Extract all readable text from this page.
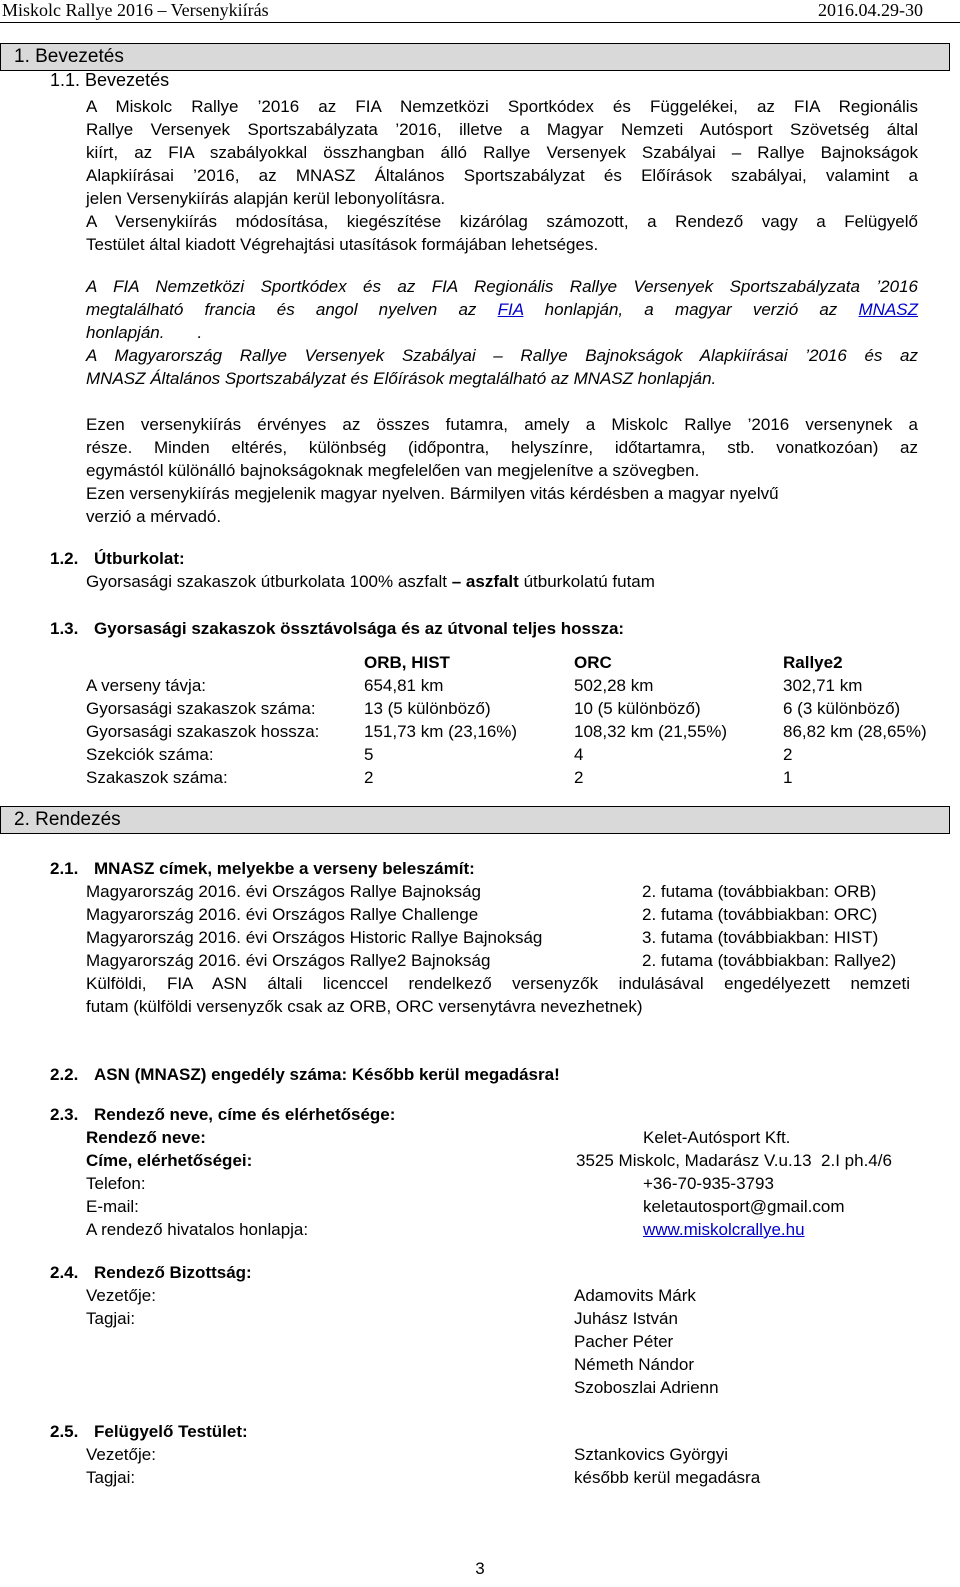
Miskolc Rallye 2016 – Versenykiírás	2016.04.29-30
1. Bevezetés
1.1. Bevezetés
A Miskolc Rallye ’2016 az FIA Nemzetközi Sportkódex és Függelékei, az FIA Regionális
Rallye Versenyek Sportszabályzata ’2016, illetve a Magyar Nemzeti Autósport Szövetség által
kiírt, az FIA szabályokkal összhangban álló Rallye Versenyek Szabályai – Rallye Bajnokságok
Alapkiírásai ’2016, az MNASZ Általános Sportszabályzat és Előírások szabályai, valamint a
jelen Versenykiírás alapján kerül lebonyolításra.
A Versenykiírás módosítása, kiegészítése kizárólag számozott, a Rendező vagy a Felügyelő
Testület által kiadott Végrehajtási utasítások formájában lehetséges.
A FIA Nemzetközi Sportkódex és az FIA Regionális Rallye Versenyek Sportszabályzata ’2016
megtalálható francia és angol nyelven az FIA honlapján, a magyar verzió az MNASZ
honlapján.       .
A Magyarország Rallye Versenyek Szabályai – Rallye Bajnokságok Alapkiírásai ’2016 és az
MNASZ Általános Sportszabályzat és Előírások megtalálható az MNASZ honlapján.
Ezen versenykiírás érvényes az összes futamra, amely a Miskolc Rallye ’2016 versenynek a
része. Minden eltérés, különbség (időpontra, helyszínre, időtartamra, stb. vonatkozóan) az
egymástól különálló bajnokságoknak megfelelően van megjelenítve a szövegben.
Ezen versenykiírás megjelenik magyar nyelven. Bármilyen vitás kérdésben a magyar nyelvű
verzió a mérvadó.
1.2. Útburkolat:
Gyorsasági szakaszok útburkolata 100% aszfalt – aszfalt útburkolatú futam
1.3. Gyorsasági szakaszok össztávolsága és az útvonal teljes hossza:
ORB, HIST	ORC	Rallye2
A verseny távja:	654,81 km	502,28 km	302,71 km
Gyorsasági szakaszok száma:	13 (5 különböző)	10 (5 különböző)	6 (3 különböző)
Gyorsasági szakaszok hossza:	151,73 km (23,16%)	108,32 km (21,55%)	86,82 km (28,65%)
Szekciók száma:	5	4	2
Szakaszok száma:	2	2	1
2. Rendezés
2.1. MNASZ címek, melyekbe a verseny beleszámít:
Magyarország 2016. évi Országos Rallye Bajnokság	2. futama (továbbiakban: ORB)
Magyarország 2016. évi Országos Rallye Challenge	2. futama (továbbiakban: ORC)
Magyarország 2016. évi Országos Historic Rallye Bajnokság	3. futama (továbbiakban: HIST)
Magyarország 2016. évi Országos Rallye2 Bajnokság	2. futama (továbbiakban: Rallye2)
Külföldi, FIA ASN általi licenccel rendelkező versenyzők indulásával engedélyezett nemzeti
futam (külföldi versenyzők csak az ORB, ORC versenytávra nevezhetnek)
2.2. ASN (MNASZ) engedély száma: Később kerül megadásra!
2.3. Rendező neve, címe és elérhetősége:
Rendező neve:	Kelet-Autósport Kft.
Címe, elérhetőségei:	3525 Miskolc, Madarász V.u.13  2.I ph.4/6
Telefon:	+36-70-935-3793
E-mail:	keletautosport@gmail.com
A rendező hivatalos honlapja:	www.miskolcrallye.hu
2.4. Rendező Bizottság:
Vezetője:	Adamovits Márk
Tagjai:	Juhász István
Pacher Péter
Németh Nándor
Szoboszlai Adrienn
2.5. Felügyelő Testület:
Vezetője:	Sztankovics Györgyi
Tagjai:	később kerül megadásra
3
